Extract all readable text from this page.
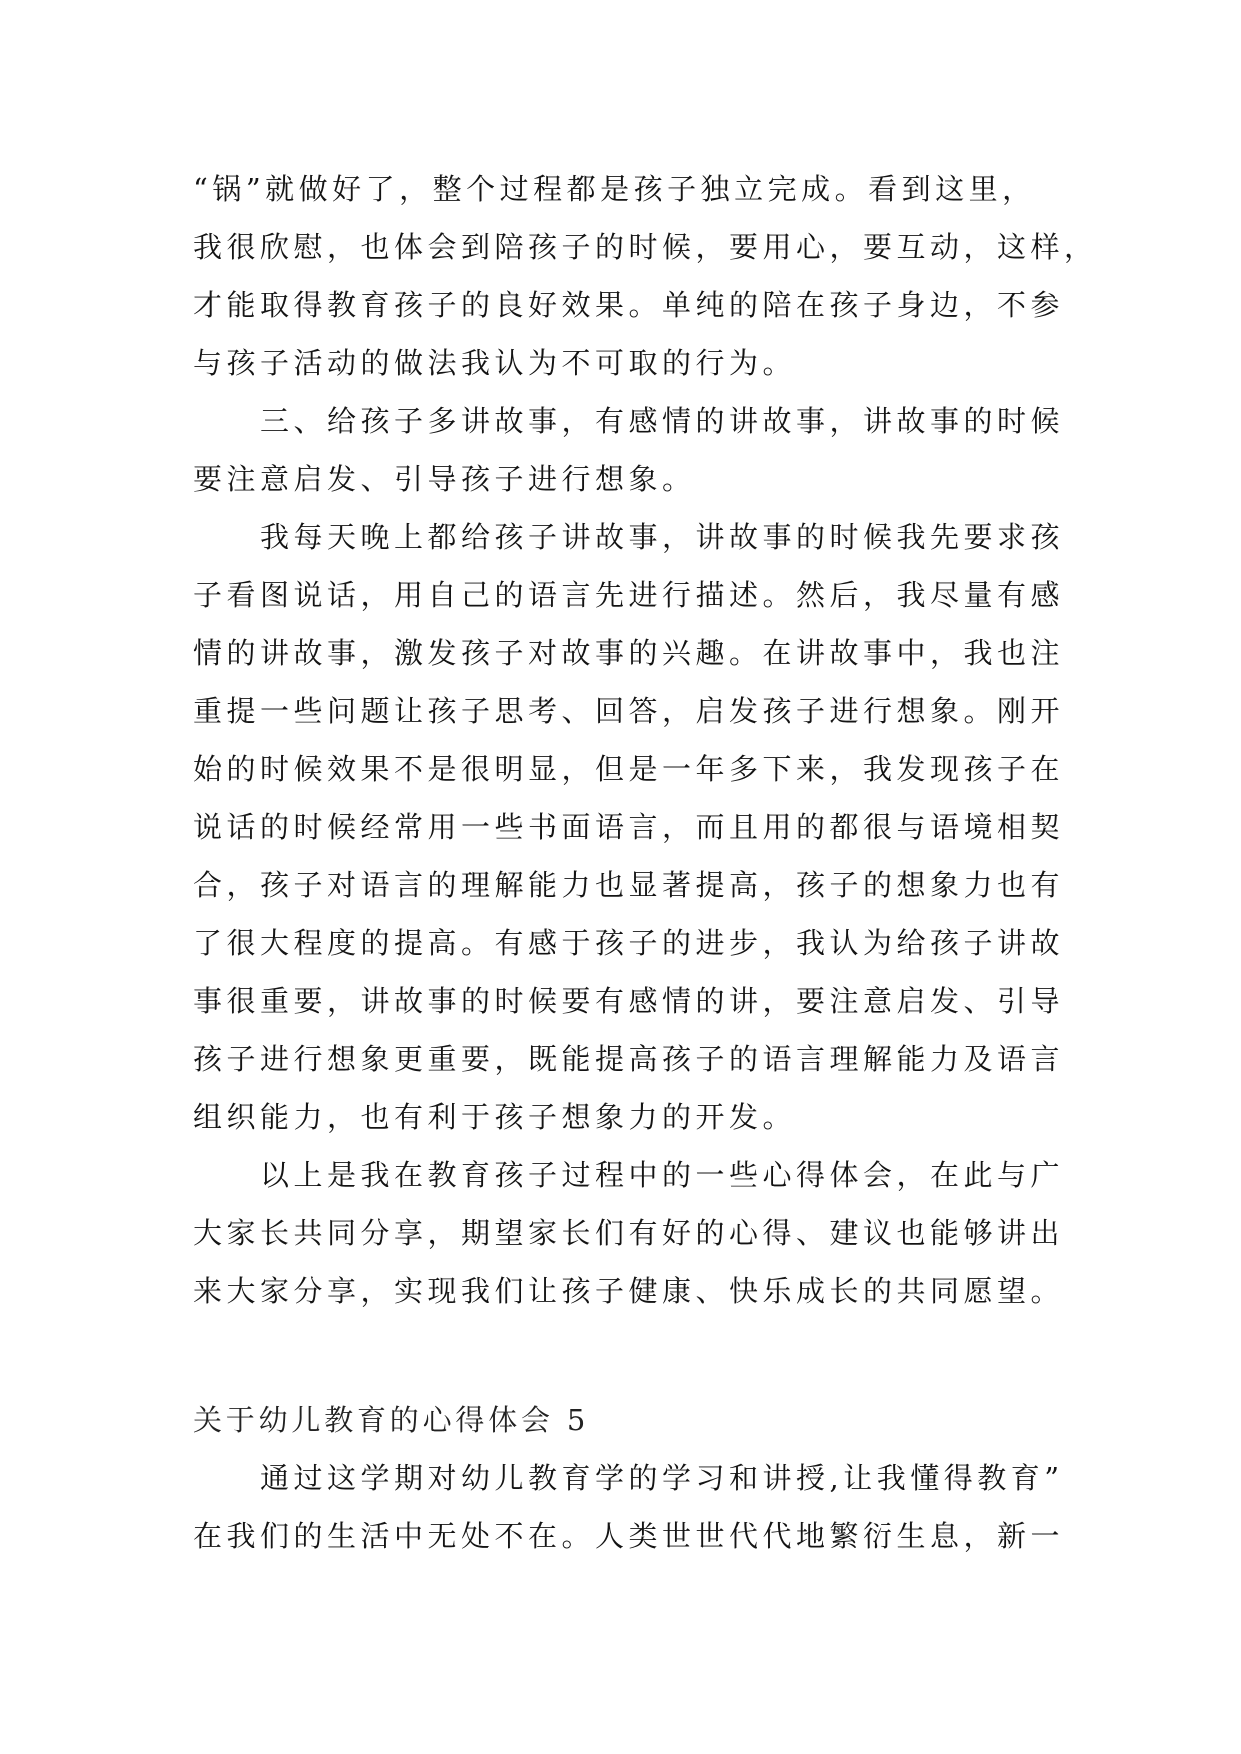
“锅”就做好了，整个过程都是孩子独立完成。看到这里，
我很欣慰，也体会到陪孩子的时候，要用心，要互动，这样，
才能取得教育孩子的良好效果。单纯的陪在孩子身边，不参
与孩子活动的做法我认为不可取的行为。
三、给孩子多讲故事，有感情的讲故事，讲故事的时候
要注意启发、引导孩子进行想象。
我每天晚上都给孩子讲故事，讲故事的时候我先要求孩
子看图说话，用自己的语言先进行描述。然后，我尽量有感
情的讲故事，激发孩子对故事的兴趣。在讲故事中，我也注
重提一些问题让孩子思考、回答，启发孩子进行想象。刚开
始的时候效果不是很明显，但是一年多下来，我发现孩子在
说话的时候经常用一些书面语言，而且用的都很与语境相契
合，孩子对语言的理解能力也显著提高，孩子的想象力也有
了很大程度的提高。有感于孩子的进步，我认为给孩子讲故
事很重要，讲故事的时候要有感情的讲，要注意启发、引导
孩子进行想象更重要，既能提高孩子的语言理解能力及语言
组织能力，也有利于孩子想象力的开发。
以上是我在教育孩子过程中的一些心得体会，在此与广
大家长共同分享，期望家长们有好的心得、建议也能够讲出
来大家分享，实现我们让孩子健康、快乐成长的共同愿望。
关于幼儿教育的心得体会 5
通过这学期对幼儿教育学的学习和讲授,让我懂得教育”
在我们的生活中无处不在。人类世世代代地繁衍生息，新一
